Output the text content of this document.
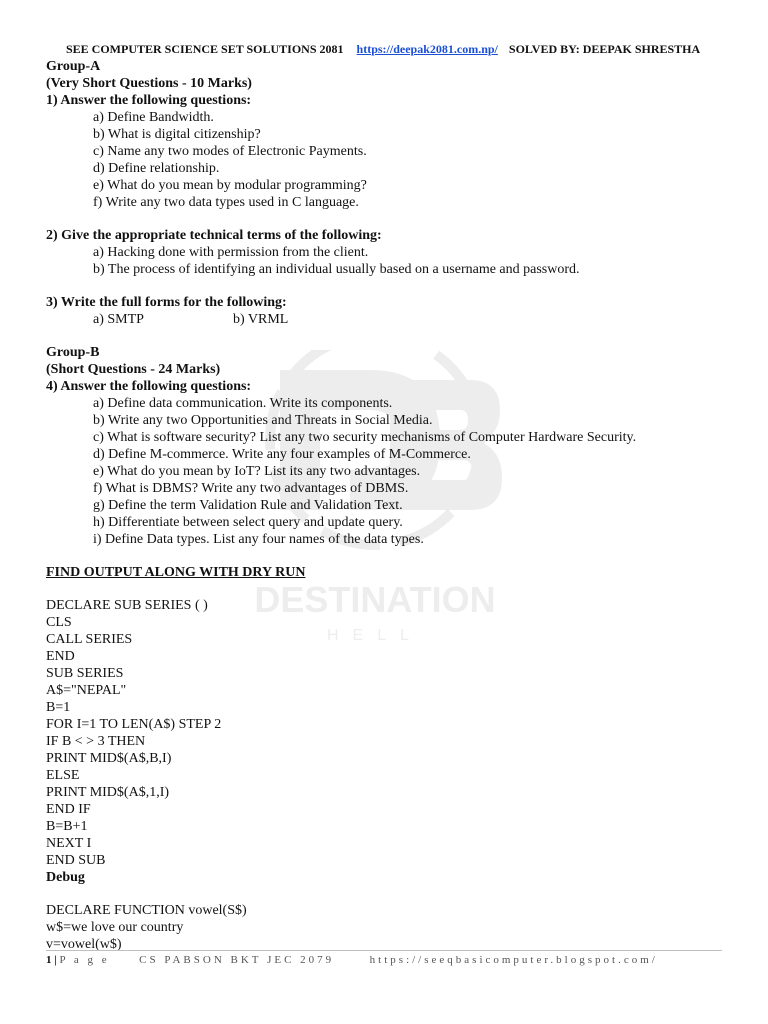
DESTINATION
HELL
SEE COMPUTER SCIENCE SET SOLUTIONS 2081 https://deepak2081.com.np/ SOLVED BY: DEEPAK SHRESTHA
Group-A
(Very Short Questions - 10 Marks)
1) Answer the following questions:
a) Define Bandwidth.
b) What is digital citizenship?
c) Name any two modes of Electronic Payments.
d) Define relationship.
e) What do you mean by modular programming?
f) Write any two data types used in C language.
2) Give the appropriate technical terms of the following:
a) Hacking done with permission from the client.
b) The process of identifying an individual usually based on a username and password.
3) Write the full forms for the following:
a) SMTP	b) VRML
Group-B
(Short Questions - 24 Marks)
4) Answer the following questions:
a) Define data communication. Write its components.
b) Write any two Opportunities and Threats in Social Media.
c) What is software security? List any two security mechanisms of Computer Hardware Security.
d) Define M-commerce. Write any four examples of M-Commerce.
e) What do you mean by IoT? List its any two advantages.
f) What is DBMS? Write any two advantages of DBMS.
g) Define the term Validation Rule and Validation Text.
h) Differentiate between select query and update query.
i) Define Data types. List any four names of the data types.
FIND OUTPUT ALONG WITH DRY RUN
DECLARE SUB SERIES ( )
CLS
CALL SERIES
END
SUB SERIES
A$="NEPAL"
B=1
FOR I=1 TO LEN(A$) STEP 2
IF B < > 3 THEN
PRINT MID$(A$,B,I)
ELSE
PRINT MID$(A$,1,I)
END IF
B=B+1
NEXT I
END SUB
Debug
DECLARE FUNCTION vowel(S$)
w$=we love our country
v=vowel(w$)
1 | P a g e	CS PABSON BKT JEC 2079	https://seeqbasicomputer.blogspot.com/
